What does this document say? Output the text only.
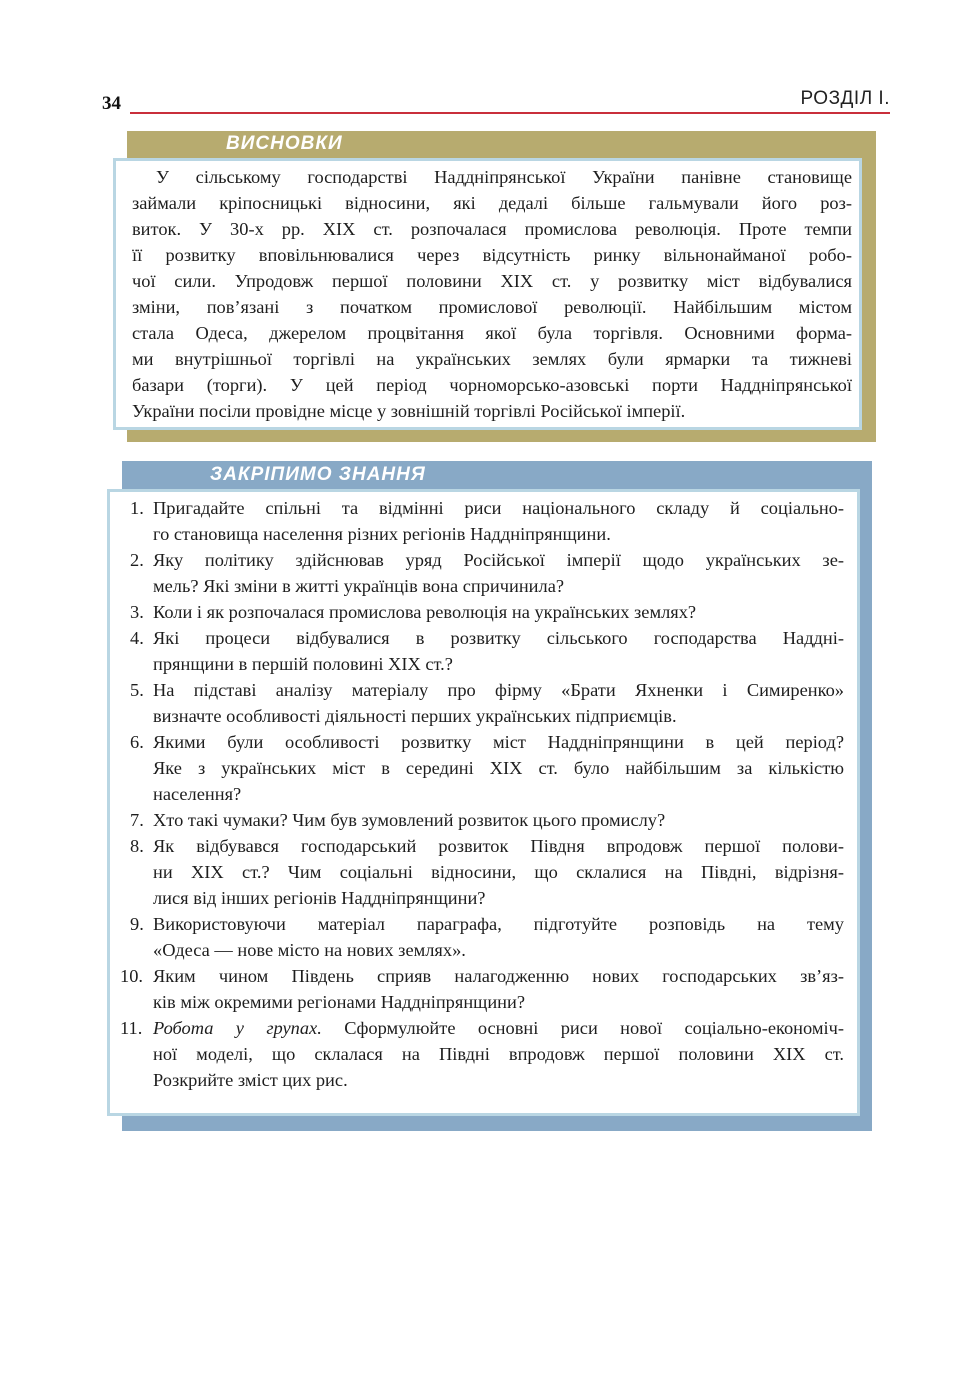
34	РОЗДІЛ І.
ВИСНОВКИ
У сільському господарстві Наддніпрянської України панівне становище
займали кріпосницькі відносини, які дедалі більше гальмували його роз-
виток. У 30-х рр. ХІХ ст. розпочалася промислова революція. Проте темпи
її розвитку вповільнювалися через відсутність ринку вільнонайманої робо-
чої сили. Упродовж першої половини ХІХ ст. у розвитку міст відбувалися
зміни, пов’язані з початком промислової революції. Найбільшим містом
стала Одеса, джерелом процвітання якої була торгівля. Основними форма-
ми внутрішньої торгівлі на українських землях були ярмарки та тижневі
базари (торги). У цей період чорноморсько-азовські порти Наддніпрянської
України посіли провідне місце у зовнішній торгівлі Російської імперії.
ЗАКРІПИМО ЗНАННЯ
1. Пригадайте спільні та відмінні риси національного складу й соціально-
го становища населення різних регіонів Наддніпрянщини.
2. Яку політику здійснював уряд Російської імперії щодо українських зе-
мель? Які зміни в житті українців вона спричинила?
3. Коли і як розпочалася промислова революція на українських землях?
4. Які процеси відбувалися в розвитку сільського господарства Наддні-
прянщини в першій половині ХІХ ст.?
5. На підставі аналізу матеріалу про фірму «Брати Яхненки і Симиренко»
визначте особливості діяльності перших українських підприємців.
6. Якими були особливості розвитку міст Наддніпрянщини в цей період?
Яке з українських міст в середині ХІХ ст. було найбільшим за кількістю
населення?
7. Хто такі чумаки? Чим був зумовлений розвиток цього промислу?
8. Як відбувався господарський розвиток Півдня впродовж першої полови-
ни ХІХ ст.? Чим соціальні відносини, що склалися на Півдні, відрізня-
лися від інших регіонів Наддніпрянщини?
9. Використовуючи матеріал параграфа, підготуйте розповідь на тему
«Одеса — нове місто на нових землях».
10. Яким чином Південь сприяв налагодженню нових господарських зв’яз-
ків між окремими регіонами Наддніпрянщини?
11. Робота у групах. Сформулюйте основні риси нової соціально-економіч-
ної моделі, що склалася на Півдні впродовж першої половини ХІХ ст.
Розкрийте зміст цих рис.
